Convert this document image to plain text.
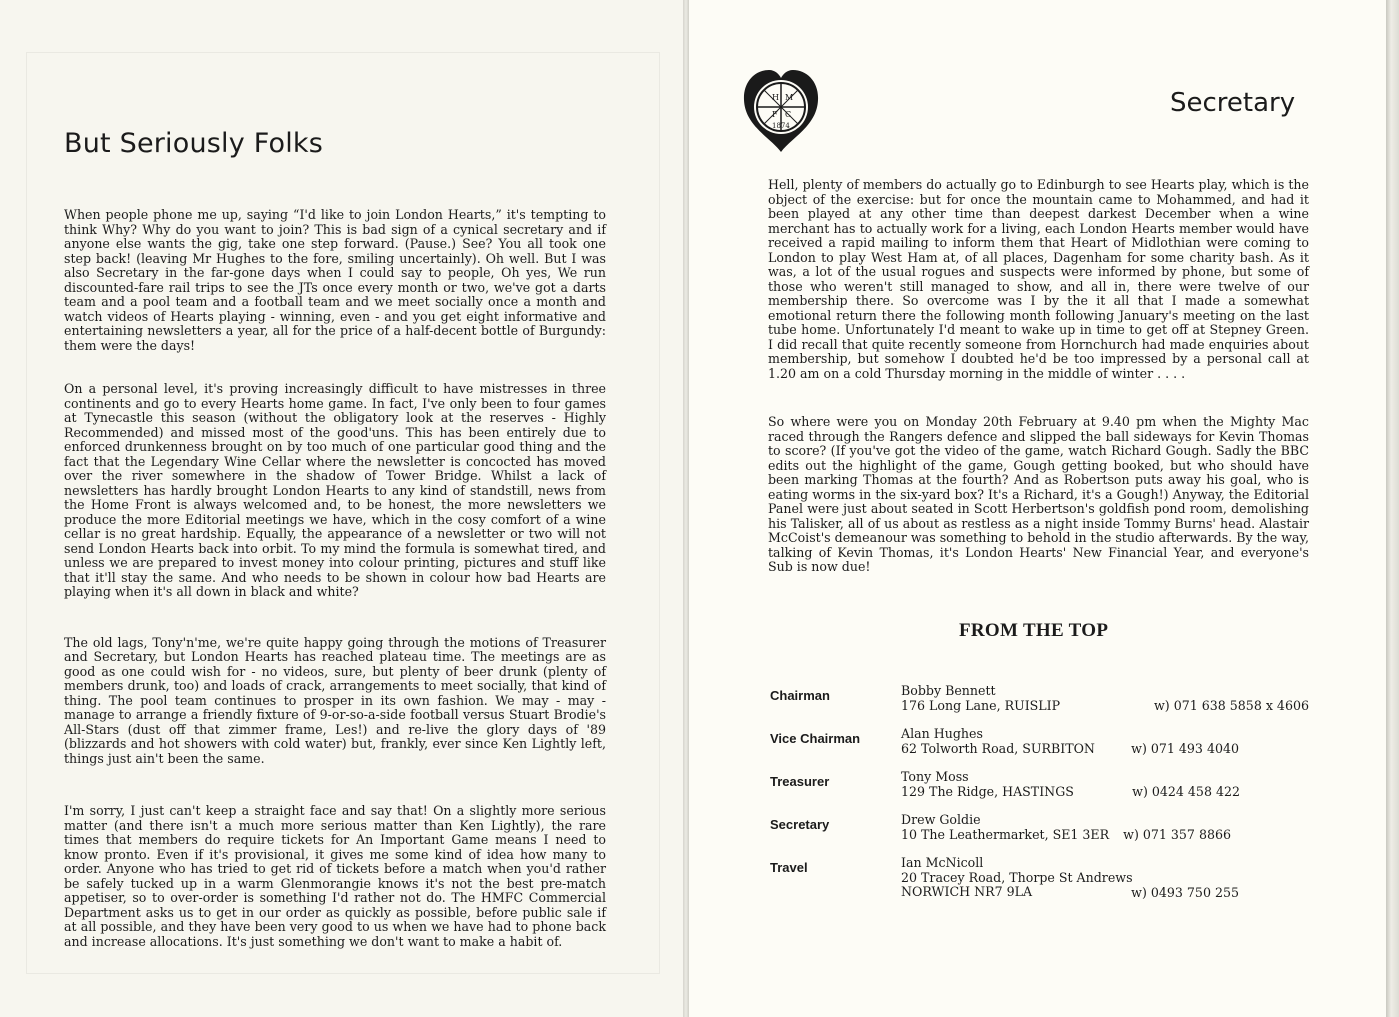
But Seriously Folks

When people phone me up, saying “I'd like to join London Hearts,” it's tempting to think Why? Why do you want to join? This is bad sign of a cynical secretary and if anyone else wants the gig, take one step forward. (Pause.) See? You all took one step back! (leaving Mr Hughes to the fore, smiling uncertainly). Oh well. But I was also Secretary in the far-gone days when I could say to people, Oh yes, We run discounted-fare rail trips to see the JTs once every month or two, we've got a darts team and a pool team and a football team and we meet socially once a month and watch videos of Hearts playing - winning, even - and you get eight informative and entertaining newsletters a year, all for the price of a half-decent bottle of Burgundy: them were the days!

On a personal level, it's proving increasingly difficult to have mistresses in three continents and go to every Hearts home game. In fact, I've only been to four games at Tynecastle this season (without the obligatory look at the reserves - Highly Recommended) and missed most of the good'uns. This has been entirely due to enforced drunkenness brought on by too much of one particular good thing and the fact that the Legendary Wine Cellar where the newsletter is concocted has moved over the river somewhere in the shadow of Tower Bridge. Whilst a lack of newsletters has hardly brought London Hearts to any kind of standstill, news from the Home Front is always welcomed and, to be honest, the more newsletters we produce the more Editorial meetings we have, which in the cosy comfort of a wine cellar is no great hardship. Equally, the appearance of a newsletter or two will not send London Hearts back into orbit. To my mind the formula is somewhat tired, and unless we are prepared to invest money into colour printing, pictures and stuff like that it'll stay the same. And who needs to be shown in colour how bad Hearts are playing when it's all down in black and white?

The old lags, Tony'n'me, we're quite happy going through the motions of Treasurer and Secretary, but London Hearts has reached plateau time. The meetings are as good as one could wish for - no videos, sure, but plenty of beer drunk (plenty of members drunk, too) and loads of crack, arrangements to meet socially, that kind of thing. The pool team continues to prosper in its own fashion. We may - may - manage to arrange a friendly fixture of 9-or-so-a-side football versus Stuart Brodie's All-Stars (dust off that zimmer frame, Les!) and re-live the glory days of '89 (blizzards and hot showers with cold water) but, frankly, ever since Ken Lightly left, things just ain't been the same.

I'm sorry, I just can't keep a straight face and say that! On a slightly more serious matter (and there isn't a much more serious matter than Ken Lightly), the rare times that members do require tickets for An Important Game means I need to know pronto. Even if it's provisional, it gives me some kind of idea how many to order. Anyone who has tried to get rid of tickets before a match when you'd rather be safely tucked up in a warm Glenmorangie knows it's not the best pre-match appetiser, so to over-order is something I'd rather not do. The HMFC Commercial Department asks us to get in our order as quickly as possible, before public sale if at all possible, and they have been very good to us when we have had to phone back and increase allocations. It's just something we don't want to make a habit of.

H M
F C
1874
Secretary

Hell, plenty of members do actually go to Edinburgh to see Hearts play, which is the object of the exercise: but for once the mountain came to Mohammed, and had it been played at any other time than deepest darkest December when a wine merchant has to actually work for a living, each London Hearts member would have received a rapid mailing to inform them that Heart of Midlothian were coming to London to play West Ham at, of all places, Dagenham for some charity bash. As it was, a lot of the usual rogues and suspects were informed by phone, but some of those who weren't still managed to show, and all in, there were twelve of our membership there. So overcome was I by the it all that I made a somewhat emotional return there the following month following January's meeting on the last tube home. Unfortunately I'd meant to wake up in time to get off at Stepney Green. I did recall that quite recently someone from Hornchurch had made enquiries about membership, but somehow I doubted he'd be too impressed by a personal call at 1.20 am on a cold Thursday morning in the middle of winter . . . .

So where were you on Monday 20th February at 9.40 pm when the Mighty Mac raced through the Rangers defence and slipped the ball sideways for Kevin Thomas to score? (If you've got the video of the game, watch Richard Gough. Sadly the BBC edits out the highlight of the game, Gough getting booked, but who should have been marking Thomas at the fourth? And as Robertson puts away his goal, who is eating worms in the six-yard box? It's a Richard, it's a Gough!) Anyway, the Editorial Panel were just about seated in Scott Herbertson's goldfish pond room, demolishing his Talisker, all of us about as restless as a night inside Tommy Burns' head. Alastair McCoist's demeanour was something to behold in the studio afterwards. By the way, talking of Kevin Thomas, it's London Hearts' New Financial Year, and everyone's Sub is now due!

FROM THE TOP
Chairman	Bobby Bennett
176 Long Lane, RUISLIP	w) 071 638 5858 x 4606
Vice Chairman	Alan Hughes
62 Tolworth Road, SURBITON	w) 071 493 4040
Treasurer	Tony Moss
129 The Ridge, HASTINGS	w) 0424 458 422
Secretary	Drew Goldie
10 The Leathermarket, SE1 3ER	w) 071 357 8866
Travel	Ian McNicoll
20 Tracey Road, Thorpe St Andrews
NORWICH NR7 9LA	w) 0493 750 255
